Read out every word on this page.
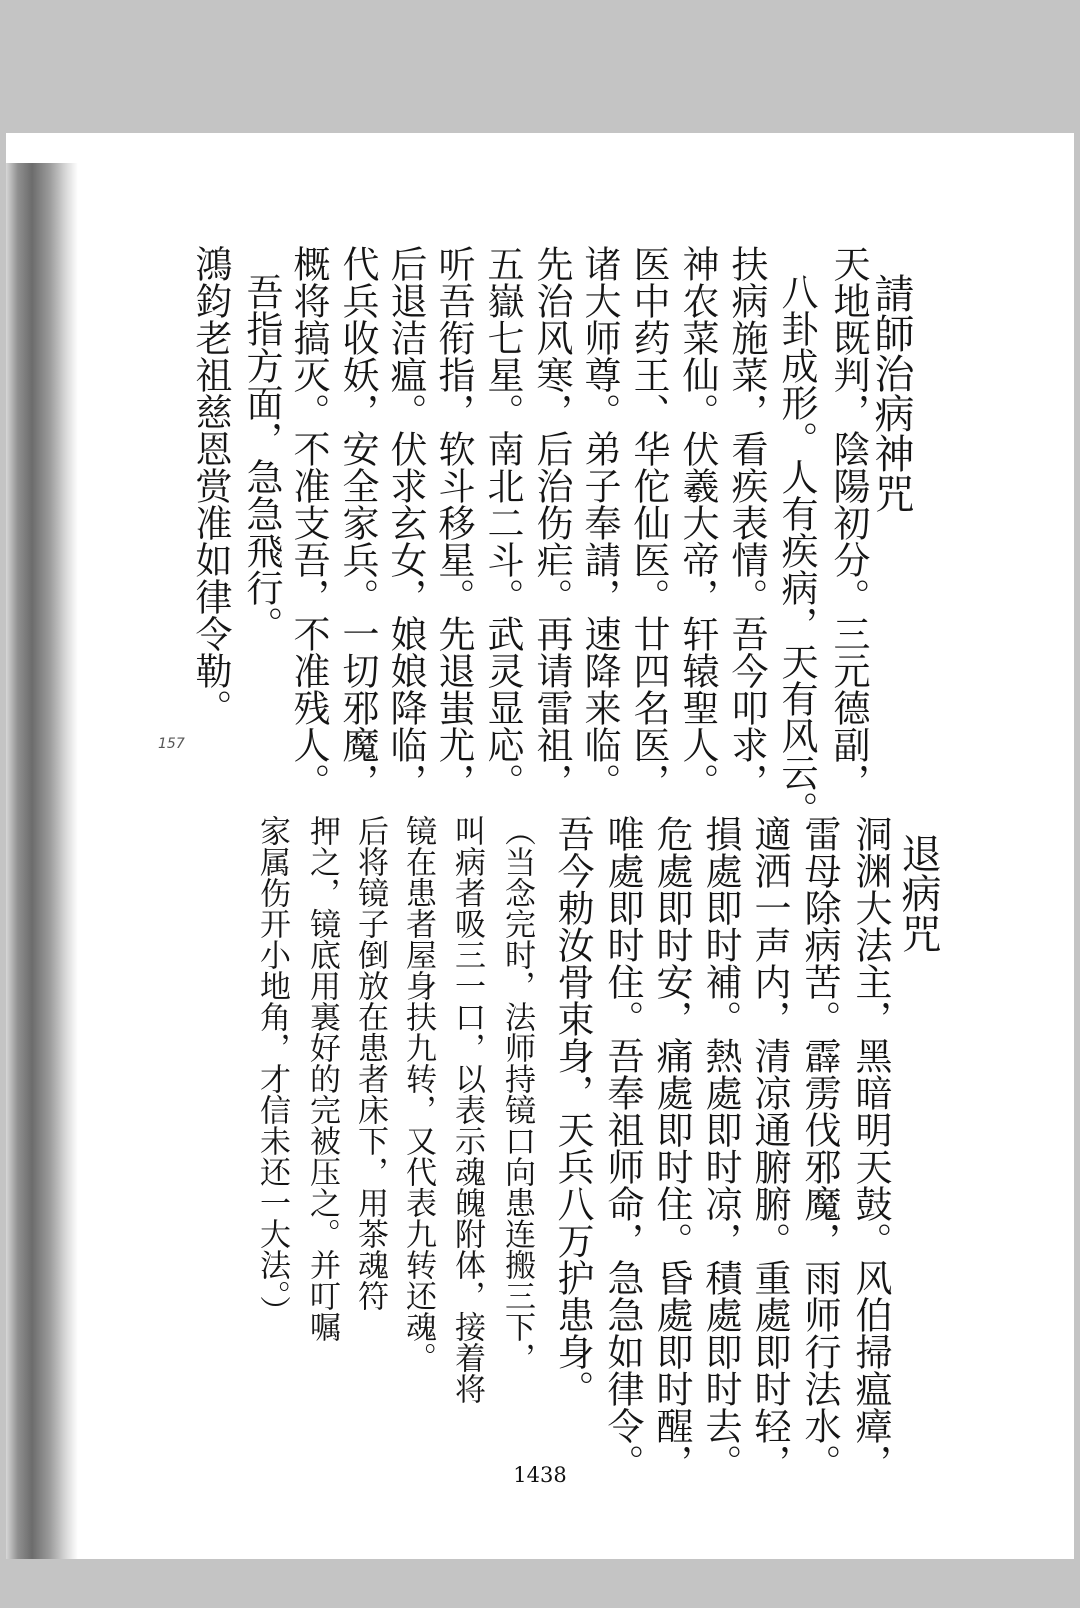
請師治病神咒
天地既判，陰陽初分。三元德副，
八卦成形。人有疾病，天有风云。
扶病施菜，看疾表情。吾今叩求，
神农菜仙。伏羲大帝，轩辕聖人。
医中药王、华佗仙医。廿四名医，
诸大师尊。弟子奉請，速降来临。
先治风寒，后治伤疟。再请雷祖，
五嶽七星。南北二斗。武灵显応。
听吾衔指，软斗移星。先退蚩尤，
后退洁瘟。伏求玄女，娘娘降临，
代兵收妖，安全家兵。一切邪魔，
概将搞灭。不准支吾，不准残人。
吾指方面，急急飛行。
鴻鈞老祖慈恩赏准如律令勒。
157
退病咒
洞渊大法主，黑暗明天鼓。风伯掃瘟瘴，
雷母除病苦。霹雳伐邪魔，雨师行法水。
適洒一声内，清凉通腑腑。重處即时轻，
損處即时補。熱處即时凉，積處即时去。
危處即时安，痛處即时住。昏處即时醒，
唯處即时住。吾奉祖师命，急急如律令。
吾今勅汝骨束身，天兵八万护患身。
（当念完时，法师持镜口向患连搬三下，
叫病者吸三一口，以表示魂魄附体，接着将
镜在患者屋身扶九转，又代表九转还魂。
后将镜子倒放在患者床下，用茶魂符
押之，镜底用裏好的完被压之。并叮嘱
家属伤开小地角，才信未还一大法。）
1438
